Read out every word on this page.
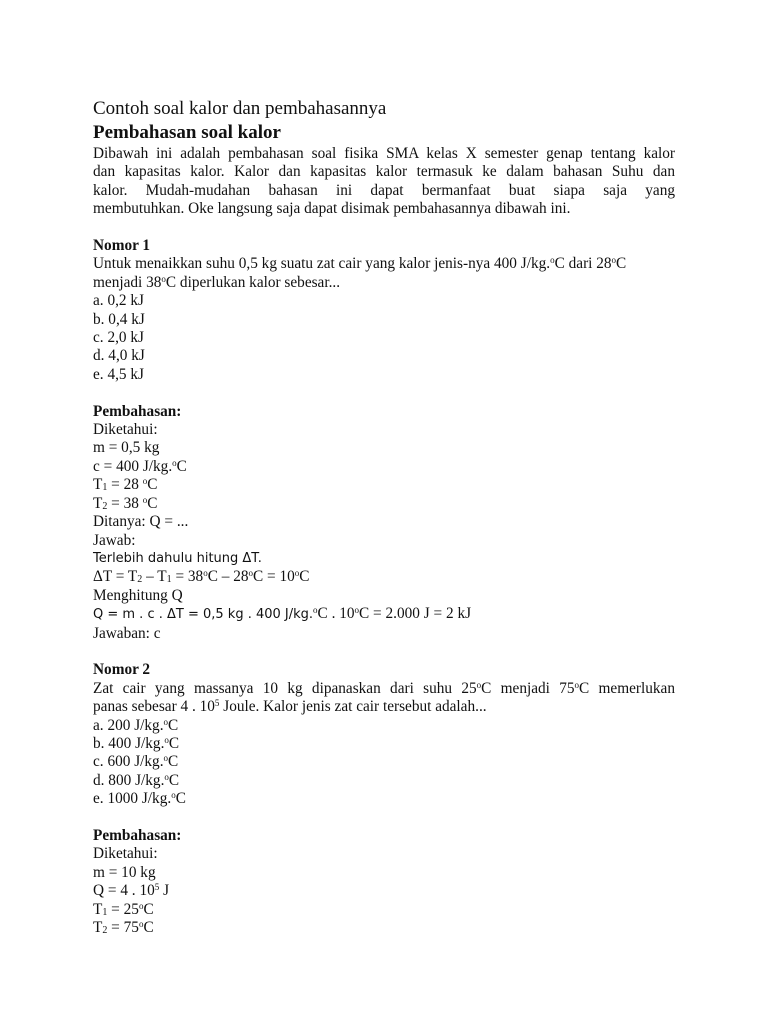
Contoh soal kalor dan pembahasannya
Pembahasan soal kalor
Dibawah ini adalah pembahasan soal fisika SMA kelas X semester genap tentang kalor
dan kapasitas kalor. Kalor dan kapasitas kalor termasuk ke dalam bahasan Suhu dan
kalor. Mudah-mudahan bahasan ini dapat bermanfaat buat siapa saja yang
membutuhkan. Oke langsung saja dapat disimak pembahasannya dibawah ini.
Nomor 1
Untuk menaikkan suhu 0,5 kg suatu zat cair yang kalor jenis-nya 400 J/kg.$^o$C dari 28$^o$C
menjadi 38$^o$C diperlukan kalor sebesar...
a. 0,2 kJ
b. 0,4 kJ
c. 2,0 kJ
d. 4,0 kJ
e. 4,5 kJ
Pembahasan:
Diketahui:
m = 0,5 kg
c = 400 J/kg.$^o$C
$T_1 = 28$ $^o$C
$T_2 = 38$ $^o$C
Ditanya: Q = ...
Jawab:
Terlebih dahulu hitung ΔT.
$\Delta T = T_2 - T_1 = 38^oC - 28^oC = 10^oC$
Menghitung Q
Q = m . c . ΔT = 0,5 kg . 400 J/kg.$^o$C . $10^oC = 2.000$ J = 2 kJ
Jawaban: c
Nomor 2
Zat cair yang massanya 10 kg dipanaskan dari suhu 25$^o$C menjadi 75$^o$C memerlukan
panas sebesar 4 . $10^5$ Joule. Kalor jenis zat cair tersebut adalah...
a. 200 J/kg.$^o$C
b. 400 J/kg.$^o$C
c. 600 J/kg.$^o$C
d. 800 J/kg.$^o$C
e. 1000 J/kg.$^o$C
Pembahasan:
Diketahui:
m = 10 kg
Q = 4 . $10^5$ J
$T_1 = 25^oC$
$T_2 = 75^oC$
